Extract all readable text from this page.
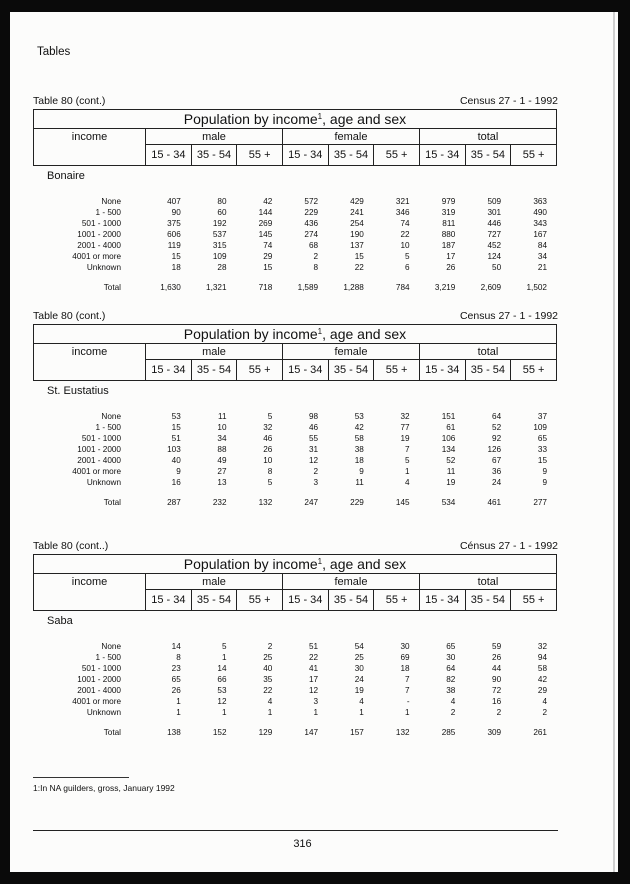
Tables
Table 80 (cont.)	Census 27 - 1 - 1992
Population by income$^1$, age and sex									
income	male			female			total		
	15 - 34	35 - 54	55 +	15 - 34	35 - 54	55 +	15 - 34	35 - 54	55 +
Bonaire
None	407	80	42	572	429	321	979	509	363
1 - 500	90	60	144	229	241	346	319	301	490
501 - 1000	375	192	269	436	254	74	811	446	343
1001 - 2000	606	537	145	274	190	22	880	727	167
2001 - 4000	119	315	74	68	137	10	187	452	84
4001 or more	15	109	29	2	15	5	17	124	34
Unknown	18	28	15	8	22	6	26	50	21

Total	1,630	1,321	718	1,589	1,288	784	3,219	2,609	1,502
Table 80 (cont.)	Census 27 - 1 - 1992
Population by income$^1$, age and sex									
income	male			female			total		
	15 - 34	35 - 54	55 +	15 - 34	35 - 54	55 +	15 - 34	35 - 54	55 +
St. Eustatius
None	53	11	5	98	53	32	151	64	37
1 - 500	15	10	32	46	42	77	61	52	109
501 - 1000	51	34	46	55	58	19	106	92	65
1001 - 2000	103	88	26	31	38	7	134	126	33
2001 - 4000	40	49	10	12	18	5	52	67	15
4001 or more	9	27	8	2	9	1	11	36	9
Unknown	16	13	5	3	11	4	19	24	9

Total	287	232	132	247	229	145	534	461	277
Table 80 (cont..)	Cénsus 27 - 1 - 1992
Population by income$^1$, age and sex									
income	male			female			total		
	15 - 34	35 - 54	55 +	15 - 34	35 - 54	55 +	15 - 34	35 - 54	55 +
Saba
None	14	5	2	51	54	30	65	59	32
1 - 500	8	1	25	22	25	69	30	26	94
501 - 1000	23	14	40	41	30	18	64	44	58
1001 - 2000	65	66	35	17	24	7	82	90	42
2001 - 4000	26	53	22	12	19	7	38	72	29
4001 or more	1	12	4	3	4	-	4	16	4
Unknown	1	1	1	1	1	1	2	2	2

Total	138	152	129	147	157	132	285	309	261
1:In NA guilders, gross, January 1992
316
